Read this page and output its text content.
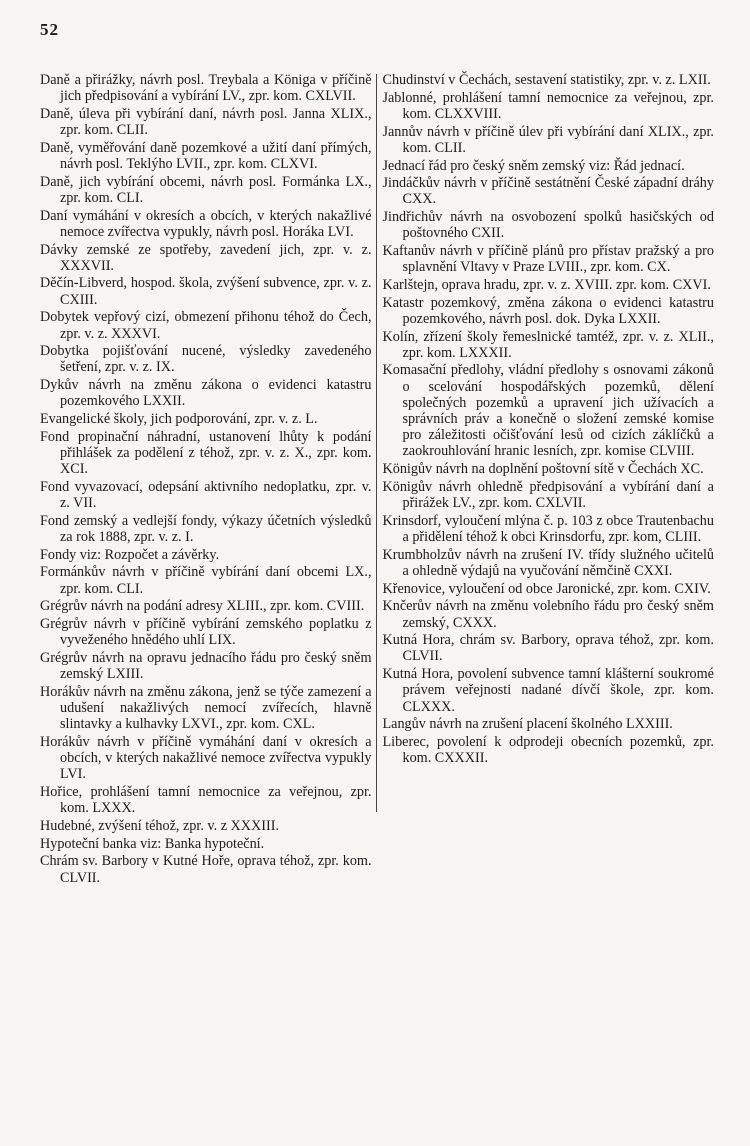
52

Daně a přirážky, návrh posl. Treybala a Königa v příčině jich předpisování a vybírání LV., zpr. kom. CXLVII.

Daně, úleva při vybírání daní, návrh posl. Janna XLIX., zpr. kom. CLII.

Daně, vyměřování daně pozemkové a užití daní přímých, návrh posl. Teklýho LVII., zpr. kom. CLXVI.

Daně, jich vybírání obcemi, návrh posl. Formánka LX., zpr. kom. CLI.

Daní vymáhání v okresích a obcích, v kterých nakažlivé nemoce zvířectva vypukly, návrh posl. Horáka LVI.

Dávky zemské ze spotřeby, zavedení jich, zpr. v. z. XXXVII.

Děčín-Libverd, hospod. škola, zvýšení subvence, zpr. v. z. CXIII.

Dobytek vepřový cizí, obmezení přihonu téhož do Čech, zpr. v. z. XXXVI.

Dobytka pojišťování nucené, výsledky zavedeného šetření, zpr. v. z. IX.

Dykův návrh na změnu zákona o evidenci katastru pozemkového LXXII.

Evangelické školy, jich podporování, zpr. v. z. L.

Fond propinační náhradní, ustanovení lhůty k podání přihlášek za podělení z téhož, zpr. v. z. X., zpr. kom. XCI.

Fond vyvazovací, odepsání aktivního nedoplatku, zpr. v. z. VII.

Fond zemský a vedlejší fondy, výkazy účetních výsledků za rok 1888, zpr. v. z. I.

Fondy viz: Rozpočet a závěrky.

Formánkův návrh v příčině vybírání daní obcemi LX., zpr. kom. CLI.

Grégrův návrh na podání adresy XLIII., zpr. kom. CVIII.

Grégrův návrh v příčině vybírání zemského poplatku z vyveženého hnědého uhlí LIX.

Grégrův návrh na opravu jednacího řádu pro český sněm zemský LXIII.

Horákův návrh na změnu zákona, jenž se týče zamezení a udušení nakažlivých nemocí zvířecích, hlavně slintavky a kulhavky LXVI., zpr. kom. CXL.

Horákův návrh v příčině vymáhání daní v okresích a obcích, v kterých nakažlivé nemoce zvířectva vypukly LVI.

Hořice, prohlášení tamní nemocnice za veřejnou, zpr. kom. LXXX.

Hudebné, zvýšení téhož, zpr. v. z XXXIII.

Hypoteční banka viz: Banka hypoteční.

Chrám sv. Barbory v Kutné Hoře, oprava téhož, zpr. kom. CLVII.

Chudinství v Čechách, sestavení statistiky, zpr. v. z. LXII.

Jablonné, prohlášení tamní nemocnice za veřejnou, zpr. kom. CLXXVIII.

Jannův návrh v příčině úlev při vybírání daní XLIX., zpr. kom. CLII.

Jednací řád pro český sněm zemský viz: Řád jednací.

Jindáčkův návrh v příčině sestátnění České západní dráhy CXX.

Jindřichův návrh na osvobození spolků hasičských od poštovného CXII.

Kaftanův návrh v příčině plánů pro přístav pražský a pro splavnění Vltavy v Praze LVIII., zpr. kom. CX.

Karlštejn, oprava hradu, zpr. v. z. XVIII. zpr. kom. CXVI.

Katastr pozemkový, změna zákona o evidenci katastru pozemkového, návrh posl. dok. Dyka LXXII.

Kolín, zřízení školy řemeslnické tamtéž, zpr. v. z. XLII., zpr. kom. LXXXII.

Komasační předlohy, vládní předlohy s osnovami zákonů o scelování hospodářských pozemků, dělení společných pozemků a upravení jich užívacích a správních práv a konečně o složení zemské komise pro záležitosti očišťování lesů od cizích záklíčků a zaokrouhlování hranic lesních, zpr. komise CLVIII.

Königův návrh na doplnění poštovní sítě v Čechách XC.

Königův návrh ohledně předpisování a vybírání daní a přirážek LV., zpr. kom. CXLVII.

Krinsdorf, vyloučení mlýna č. p. 103 z obce Trautenbachu a přidělení téhož k obci Krinsdorfu, zpr. kom, CLIII.

Krumbholzův návrh na zrušení IV. třídy služného učitelů a ohledně výdajů na vyučování němčině CXXI.

Křenovice, vyloučení od obce Jaronické, zpr. kom. CXIV.

Knčerův návrh na změnu volebního řádu pro český sněm zemský, CXXX.

Kutná Hora, chrám sv. Barbory, oprava téhož, zpr. kom. CLVII.

Kutná Hora, povolení subvence tamní klášterní soukromé právem veřejnosti nadané dívčí škole, zpr. kom. CLXXX.

Langův návrh na zrušení placení školného LXXIII.

Liberec, povolení k odprodeji obecních pozemků, zpr. kom. CXXXII.
